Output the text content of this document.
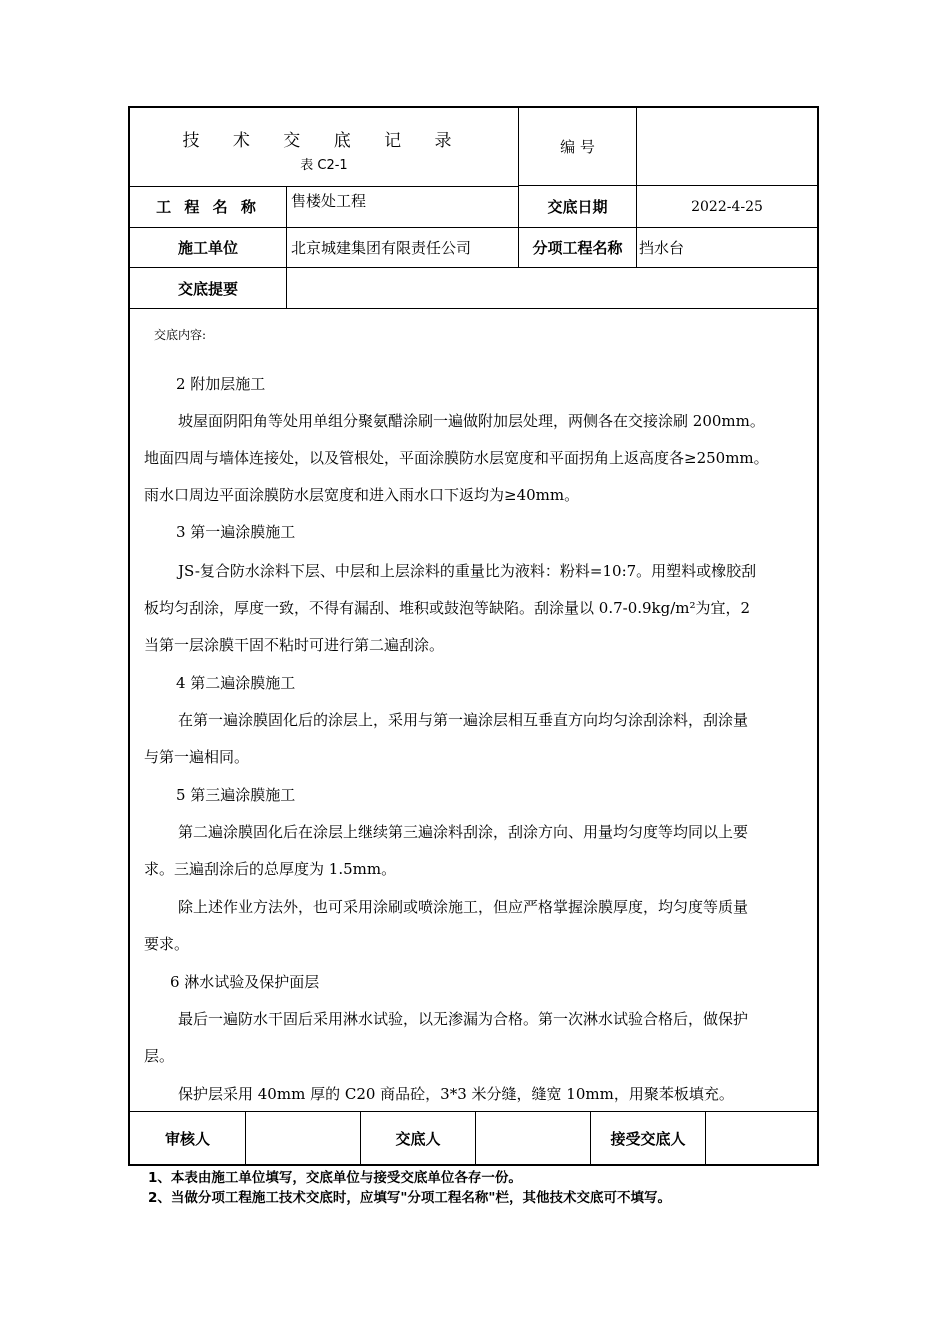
技 术 交 底 记 录
表 C2-1
编 号
工 程 名 称	售楼处工程	交底日期	2022-4-25
施工单位	北京城建集团有限责任公司	分项工程名称	挡水台
交底提要

交底内容:

2 附加层施工

坡屋面阴阳角等处用单组分聚氨醋涂刷一遍做附加层处理，两侧各在交接涂刷 200mm。

地面四周与墙体连接处，以及管根处，平面涂膜防水层宽度和平面拐角上返高度各≥250mm。

雨水口周边平面涂膜防水层宽度和进入雨水口下返均为≥40mm。

3 第一遍涂膜施工

JS-复合防水涂料下层、中层和上层涂料的重量比为液料：粉料=10:7。用塑料或橡胶刮

板均匀刮涂，厚度一致，不得有漏刮、堆积或鼓泡等缺陷。刮涂量以 0.7-0.9kg/m²为宜，2

当第一层涂膜干固不粘时可进行第二遍刮涂。

4 第二遍涂膜施工

在第一遍涂膜固化后的涂层上，采用与第一遍涂层相互垂直方向均匀涂刮涂料，刮涂量

与第一遍相同。

5 第三遍涂膜施工

第二遍涂膜固化后在涂层上继续第三遍涂料刮涂，刮涂方向、用量均匀度等均同以上要

求。三遍刮涂后的总厚度为 1.5mm。

除上述作业方法外，也可采用涂刷或喷涂施工，但应严格掌握涂膜厚度，均匀度等质量

要求。

6 淋水试验及保护面层

最后一遍防水干固后采用淋水试验，以无渗漏为合格。第一次淋水试验合格后，做保护

层。

保护层采用 40mm 厚的 C20 商品砼，3*3 米分缝，缝宽 10mm，用聚苯板填充。

审核人	交底人	接受交底人
1、本表由施工单位填写，交底单位与接受交底单位各存一份。
2、当做分项工程施工技术交底时，应填写"分项工程名称"栏，其他技术交底可不填写。
